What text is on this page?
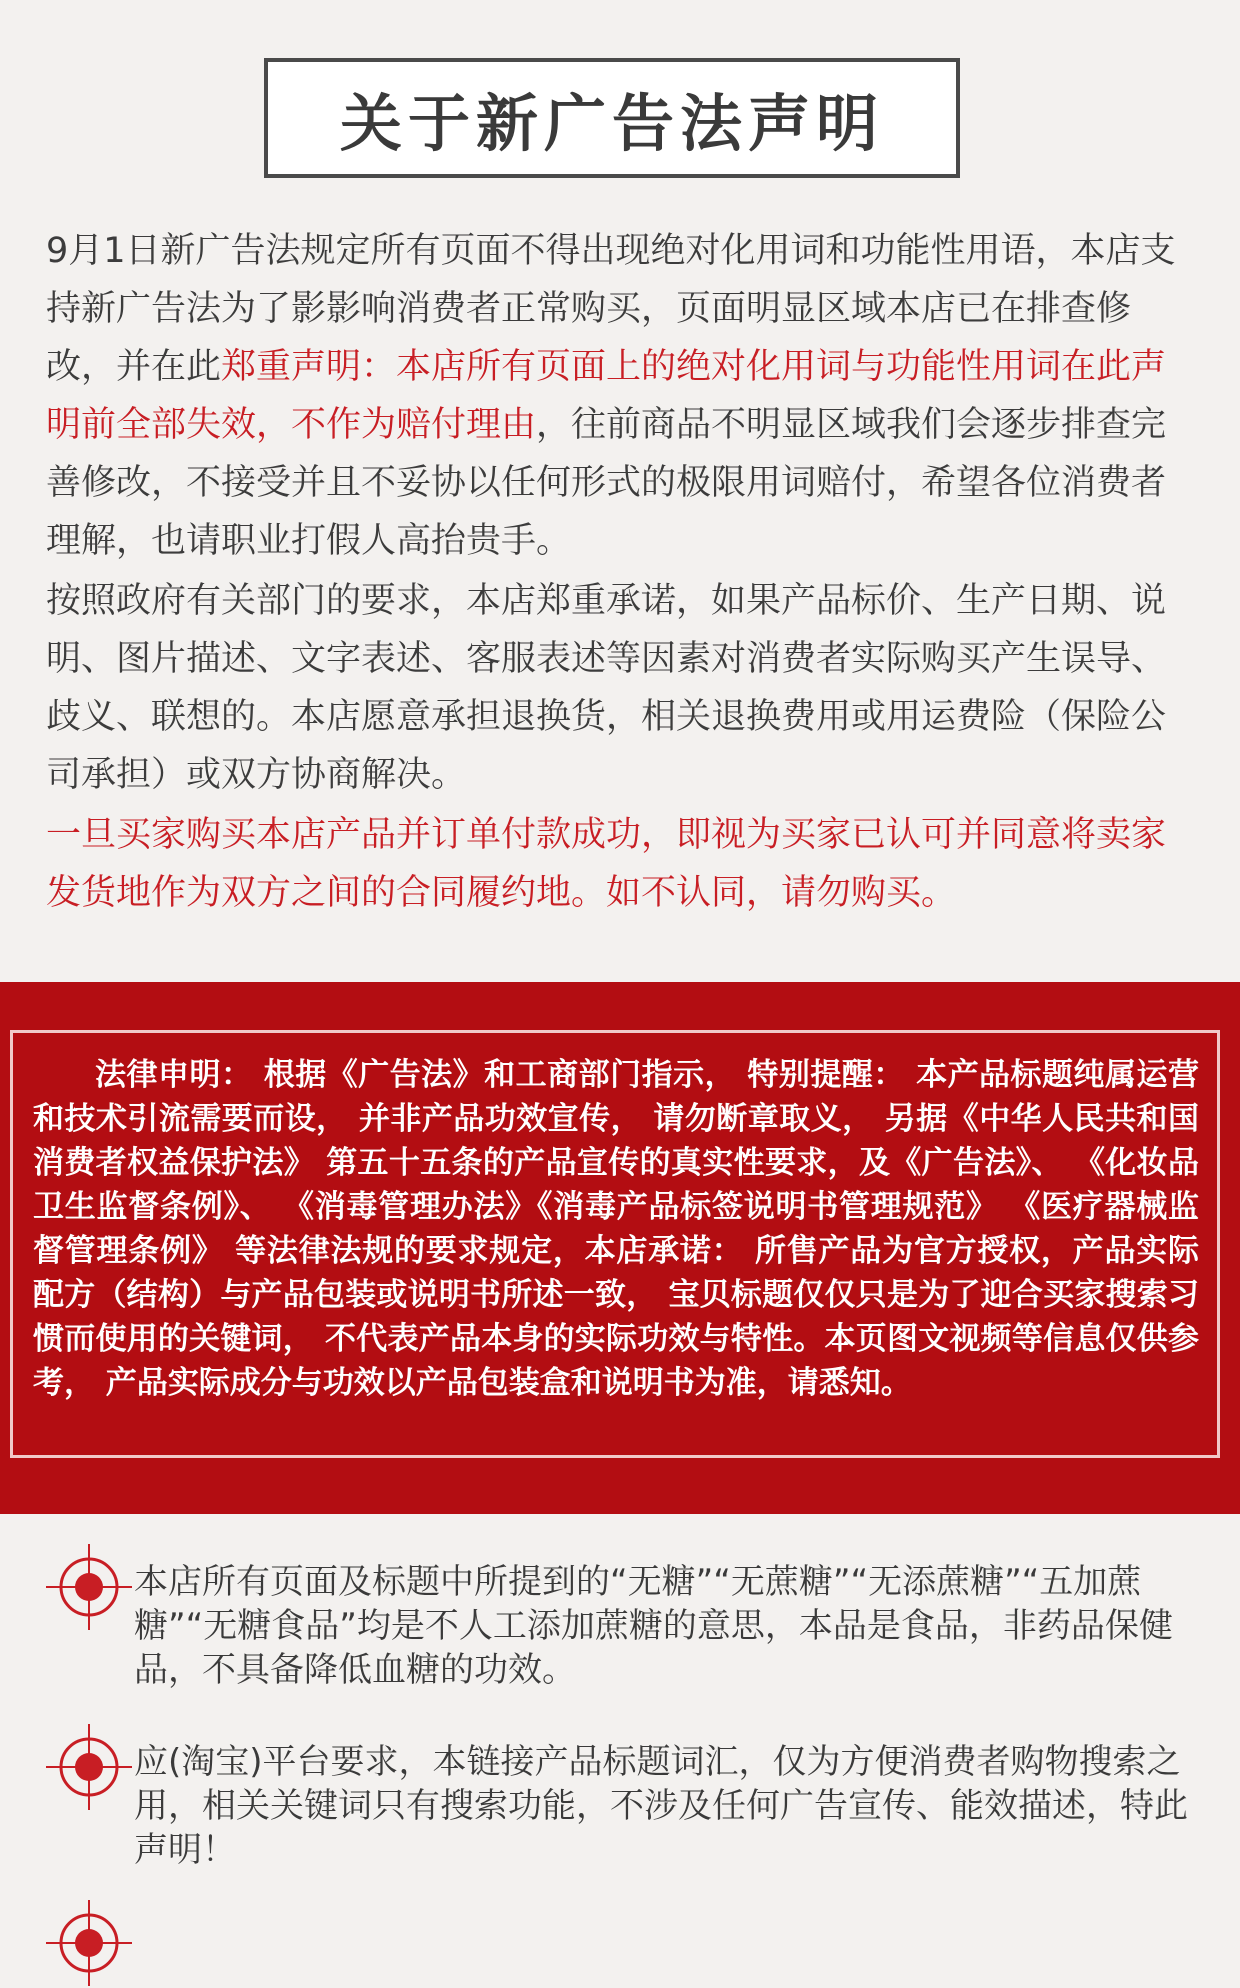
关于新广告法声明

9月1日新广告法规定所有页面不得出现绝对化用词和功能性用语，本店支持新广告法为了影影响消费者正常购买，页面明显区域本店已在排查修改，并在此郑重声明：本店所有页面上的绝对化用词与功能性用词在此声明前全部失效，不作为赔付理由，往前商品不明显区域我们会逐步排查完善修改，不接受并且不妥协以任何形式的极限用词赔付，希望各位消费者理解，也请职业打假人高抬贵手。

按照政府有关部门的要求，本店郑重承诺，如果产品标价、生产日期、说明、图片描述、文字表述、客服表述等因素对消费者实际购买产生误导、歧义、联想的。本店愿意承担退换货，相关退换费用或用运费险（保险公司承担）或双方协商解决。

一旦买家购买本店产品并订单付款成功，即视为买家已认可并同意将卖家发货地作为双方之间的合同履约地。如不认同，请勿购买。

法律申明： 根据《广告法》和工商部门指示， 特别提醒： 本产品标题纯属运营和技术引流需要而设， 并非产品功效宣传， 请勿断章取义， 另据《中华人民共和国消费者权益保护法》 第五十五条的产品宣传的真实性要求，及《广告法》、 《化妆品卫生监督条例》、 《消毒管理办法》《消毒产品标签说明书管理规范》 《医疗器械监督管理条例》 等法律法规的要求规定，本店承诺： 所售产品为官方授权，产品实际配方（结构）与产品包装或说明书所述一致， 宝贝标题仅仅只是为了迎合买家搜索习惯而使用的关键词， 不代表产品本身的实际功效与特性。本页图文视频等信息仅供参考， 产品实际成分与功效以产品包装盒和说明书为准，请悉知。

本店所有页面及标题中所提到的“无糖”“无蔗糖”“无添蔗糖”“五加蔗糖”“无糖食品”均是不人工添加蔗糖的意思，本品是食品，非药品保健品，不具备降低血糖的功效。

应(淘宝)平台要求，本链接产品标题词汇，仅为方便消费者购物搜索之用，相关关键词只有搜索功能，不涉及任何广告宣传、能效描述，特此声明！
